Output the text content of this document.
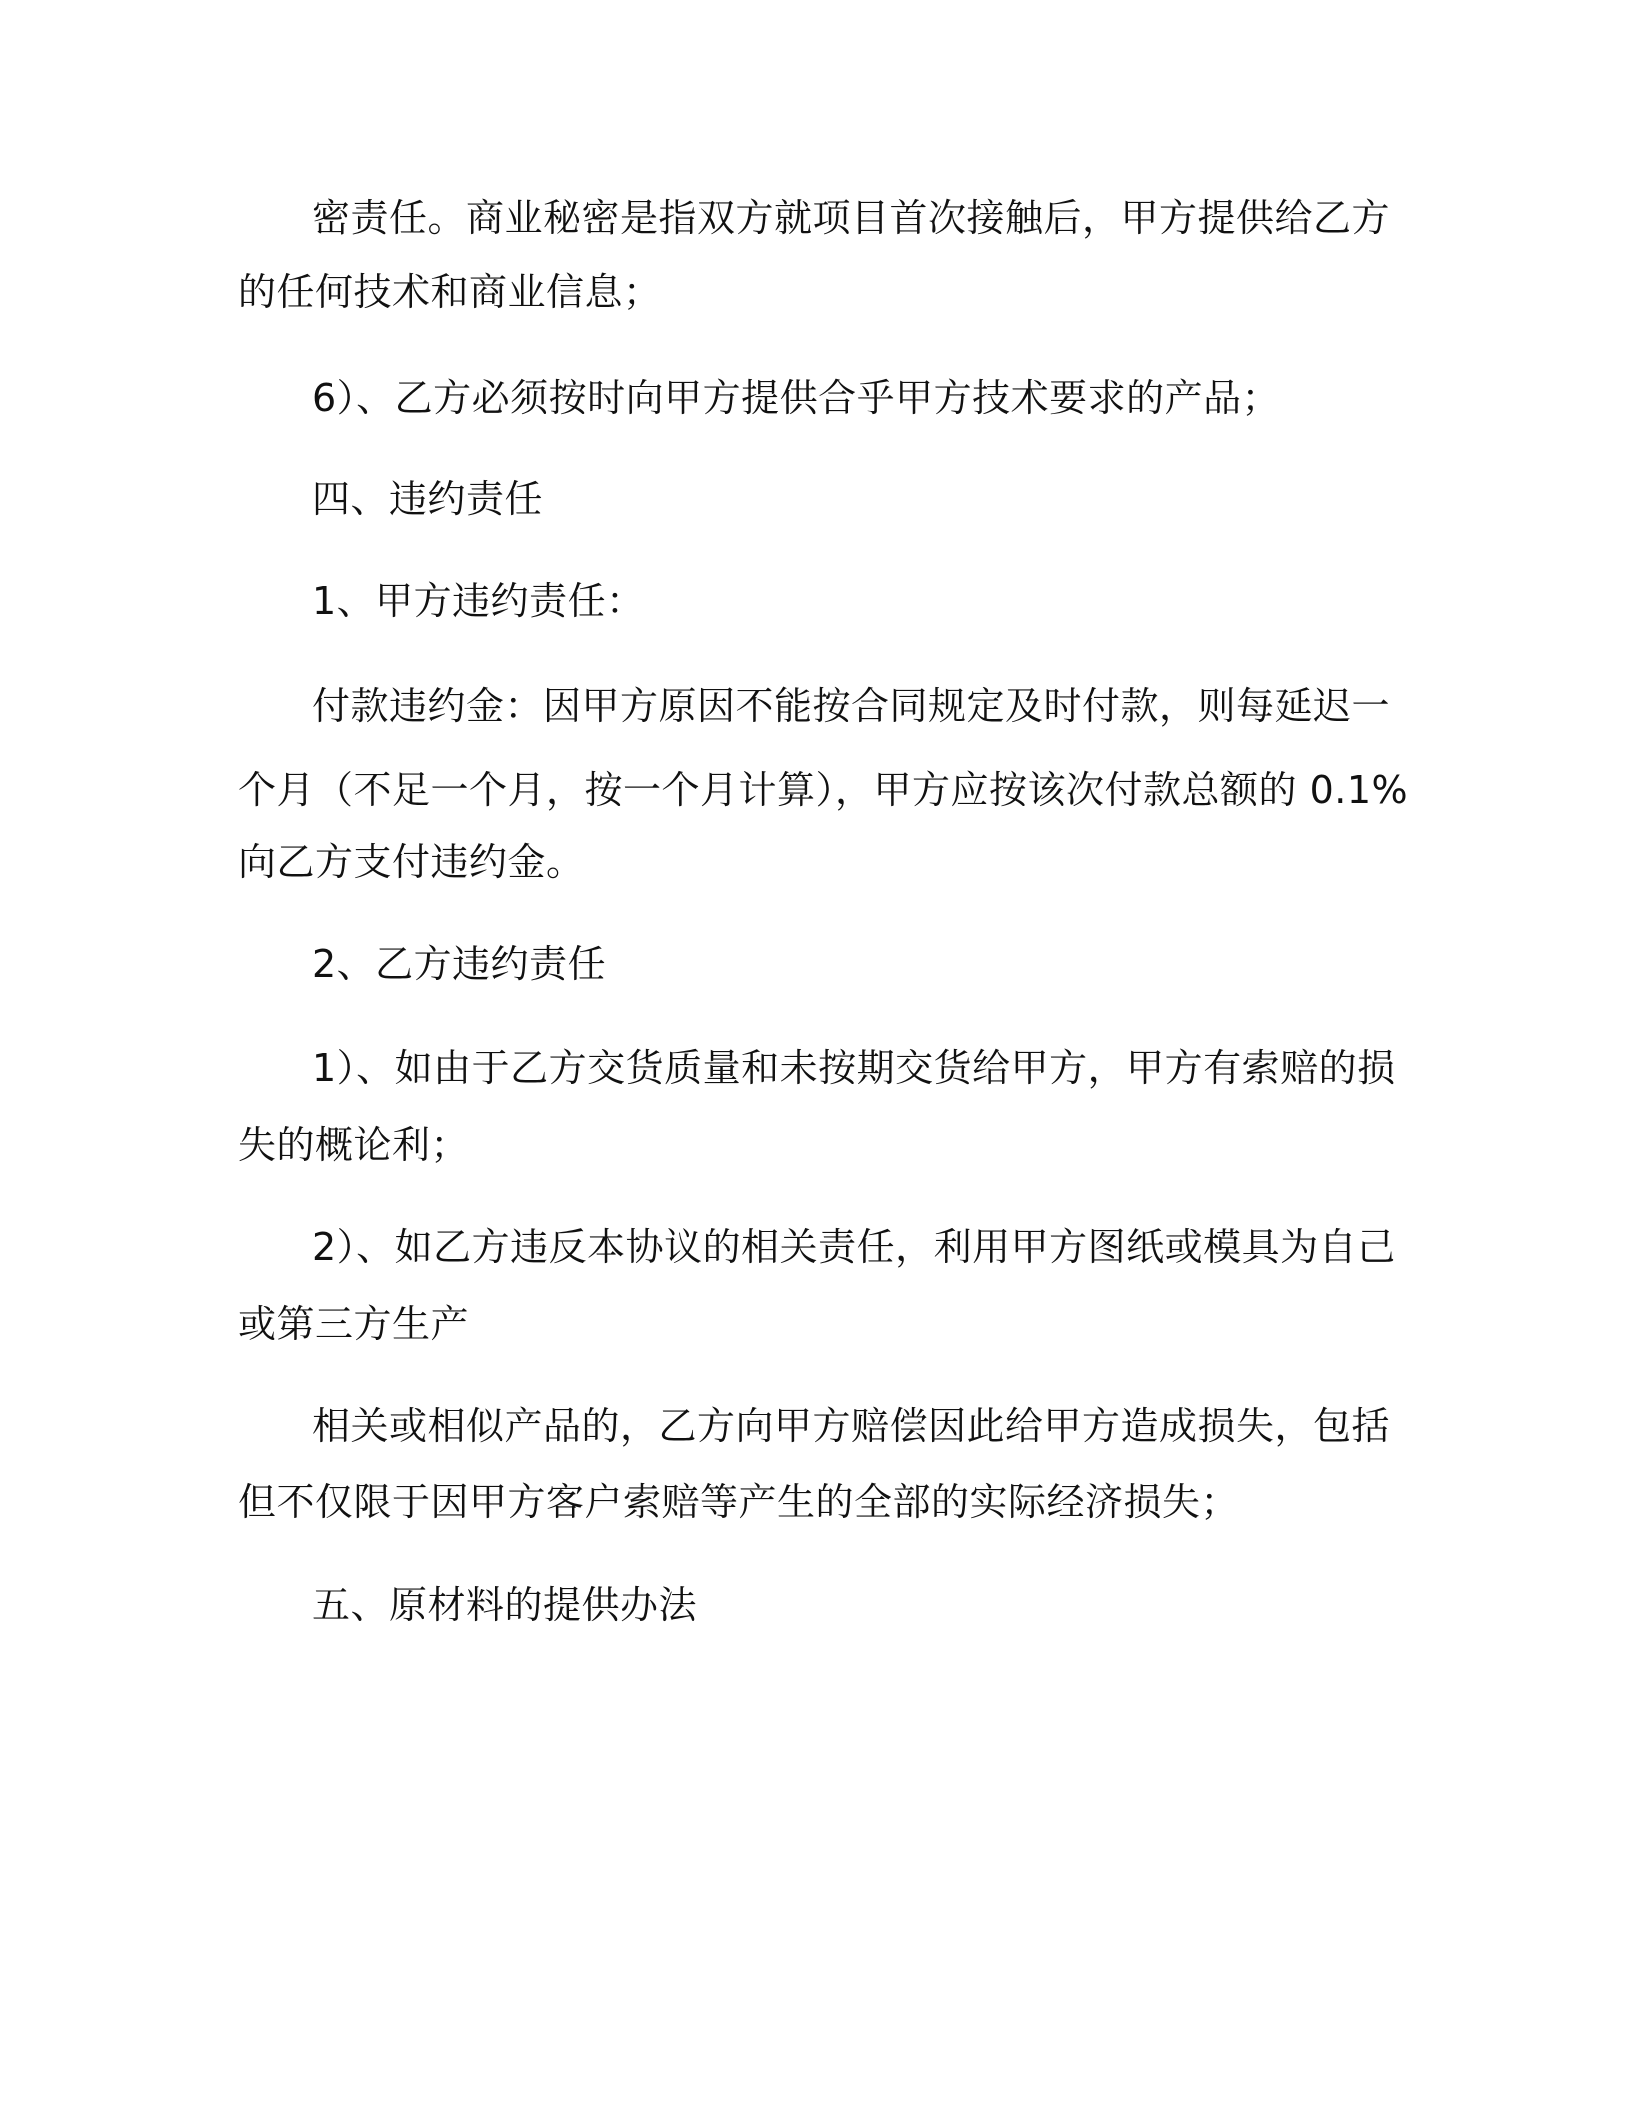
密责任。商业秘密是指双方就项目首次接触后，甲方提供给乙方
的任何技术和商业信息；
6）、乙方必须按时向甲方提供合乎甲方技术要求的产品；
四、违约责任
1、甲方违约责任：
付款违约金：因甲方原因不能按合同规定及时付款，则每延迟一
个月（不足一个月，按一个月计算），甲方应按该次付款总额的 0.1%
向乙方支付违约金。
2、乙方违约责任
1）、如由于乙方交货质量和未按期交货给甲方，甲方有索赔的损
失的概论利；
2）、如乙方违反本协议的相关责任，利用甲方图纸或模具为自己
或第三方生产
相关或相似产品的，乙方向甲方赔偿因此给甲方造成损失，包括
但不仅限于因甲方客户索赔等产生的全部的实际经济损失；
五、原材料的提供办法
